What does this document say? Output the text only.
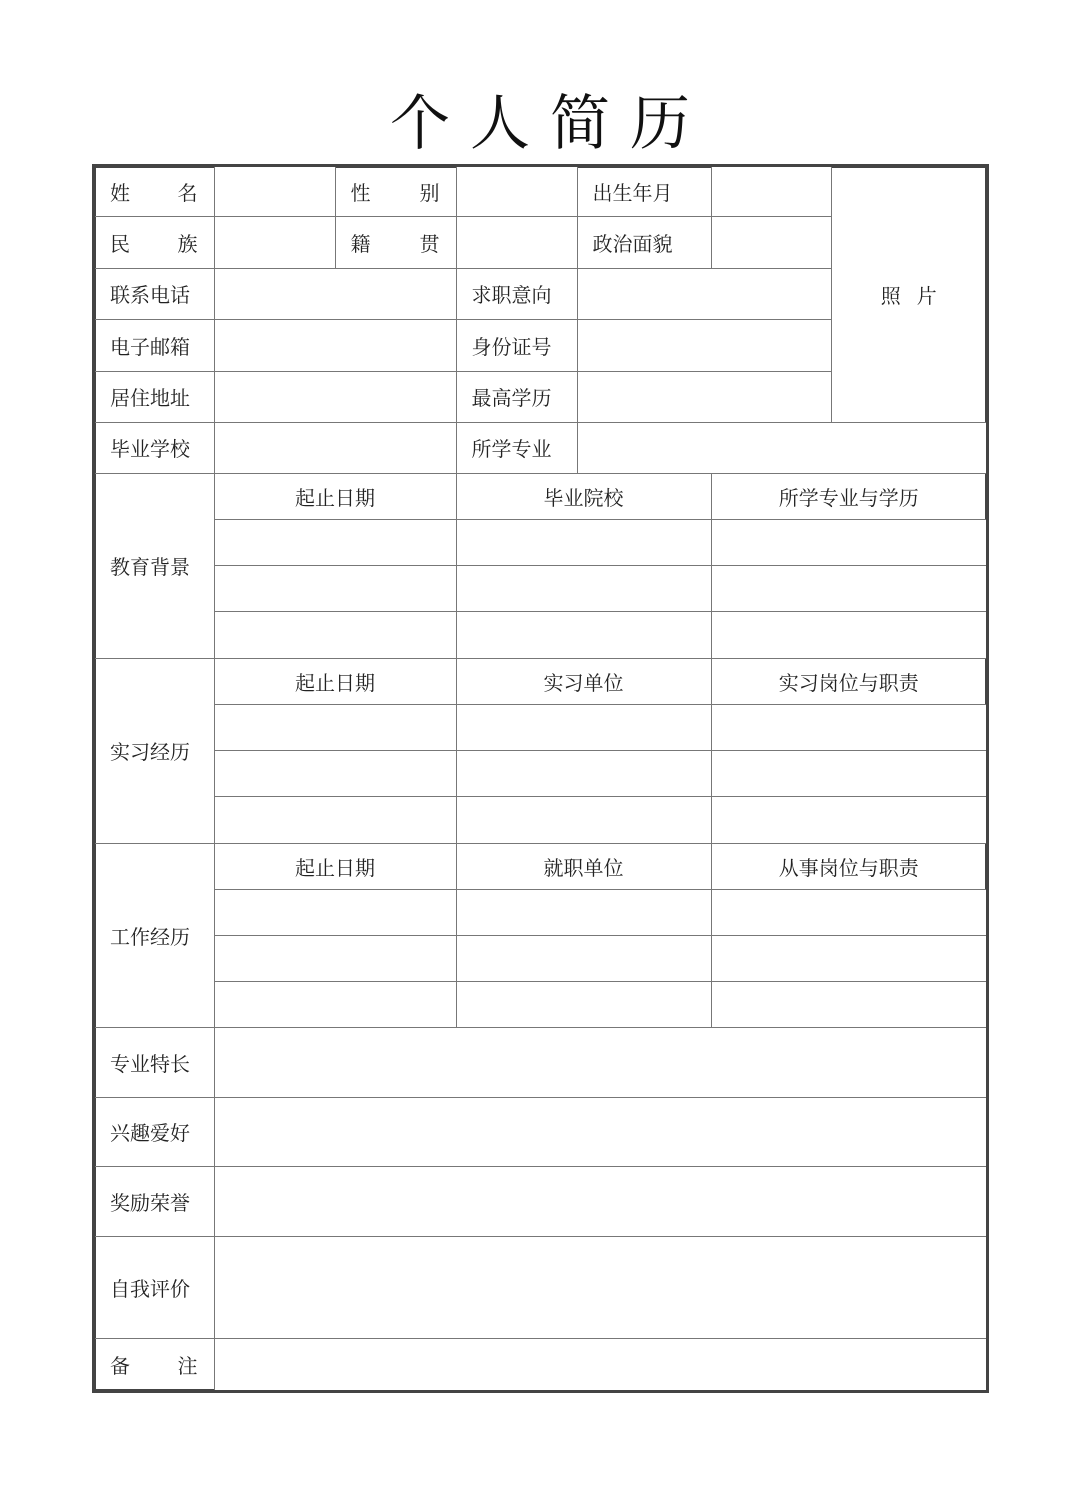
个人简历
姓 名		性 别		出生年月		照片

民 族		籍 贯		政治面貌		
联系电话			求职意向			
电子邮箱			身份证号			
居住地址			最高学历			
毕业学校			所学专业			
教育背景	起止日期		毕业院校		所学专业与学历	

实习经历	起止日期		实习单位		实习岗位与职责	

工作经历	起止日期		就职单位		从事岗位与职责	

专业特长						
兴趣爱好						
奖励荣誉						
自我评价						

备 注						
